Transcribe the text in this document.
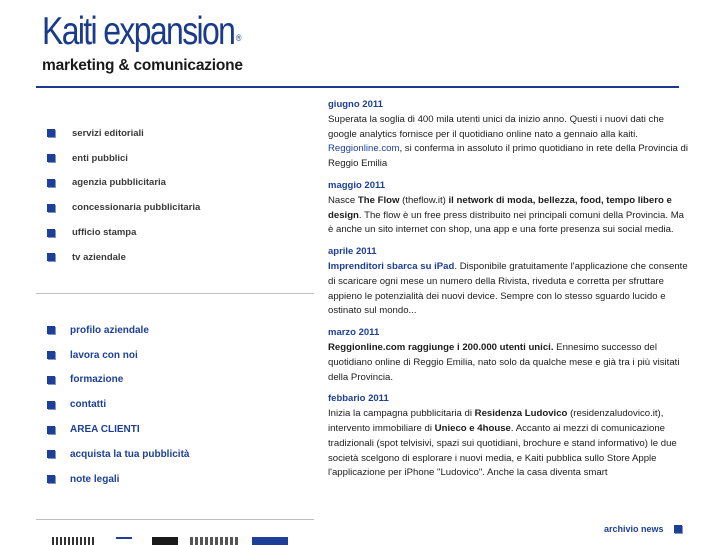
Kaiti expansion ®
marketing & comunicazione
servizi editoriali
enti pubblici
agenzia pubblicitaria
concessionaria pubblicitaria
ufficio stampa
tv aziendale
profilo aziendale
lavora con noi
formazione
contatti
AREA CLIENTI
acquista la tua pubblicità
note legali
giugno 2011
Superata la soglia di 400 mila utenti unici da inizio anno. Questi i nuovi dati che google analytics fornisce per il quotidiano online nato a gennaio alla kaiti.
Reggionline.com, si conferma in assoluto il primo quotidiano in rete della Provincia di Reggio Emilia
maggio 2011
Nasce The Flow (theflow.it) il network di moda, bellezza, food, tempo libero e design. The flow è un free press distribuito nei principali comuni della Provincia. Ma è anche un sito internet con shop, una app e una forte presenza sui social media.
aprile 2011
Imprenditori sbarca su iPad. Disponibile gratuitamente l'applicazione che consente di scaricare ogni mese un numero della Rivista, riveduta e corretta per sfruttare appieno le potenzialità dei nuovi device. Sempre con lo stesso sguardo lucido e ostinato sul mondo...
marzo 2011
Reggionline.com raggiunge i 200.000 utenti unici. Ennesimo successo del quotidiano online di Reggio Emilia, nato solo da qualche mese e già tra i più visitati della Provincia.
febbario 2011
Inizia la campagna pubblicitaria di Residenza Ludovico (residenzaludovico.it), intervento immobiliare di Unieco e 4house. Accanto ai mezzi di comunicazione tradizionali (spot telvisivi, spazi sui quotidiani, brochure e stand informativo) le due società scelgono di esplorare i nuovi media, e Kaiti pubblica sullo Store Apple l'applicazione per iPhone "Ludovico". Anche la casa diventa smart
archivio news
